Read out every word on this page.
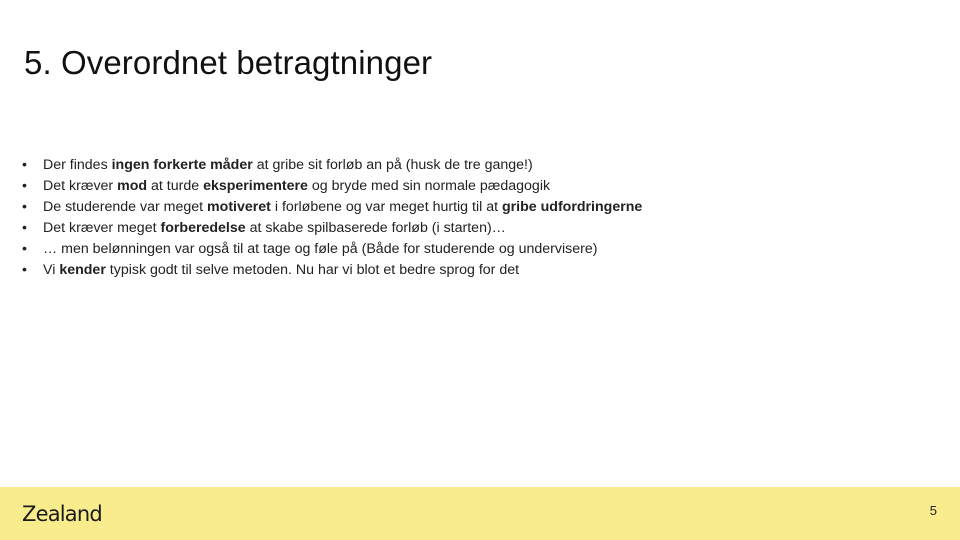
5. Overordnet betragtninger
•	Der findes ingen forkerte måder at gribe sit forløb an på (husk de tre gange!)
•	Det kræver mod at turde eksperimentere og bryde med sin normale pædagogik
•	De studerende var meget motiveret i forløbene og var meget hurtig til at gribe udfordringerne
•	Det kræver meget forberedelse at skabe spilbaserede forløb (i starten)…
•	… men belønningen var også til at tage og føle på (Både for studerende og undervisere)
•	Vi kender typisk godt til selve metoden. Nu har vi blot et bedre sprog for det
Zealand	5
